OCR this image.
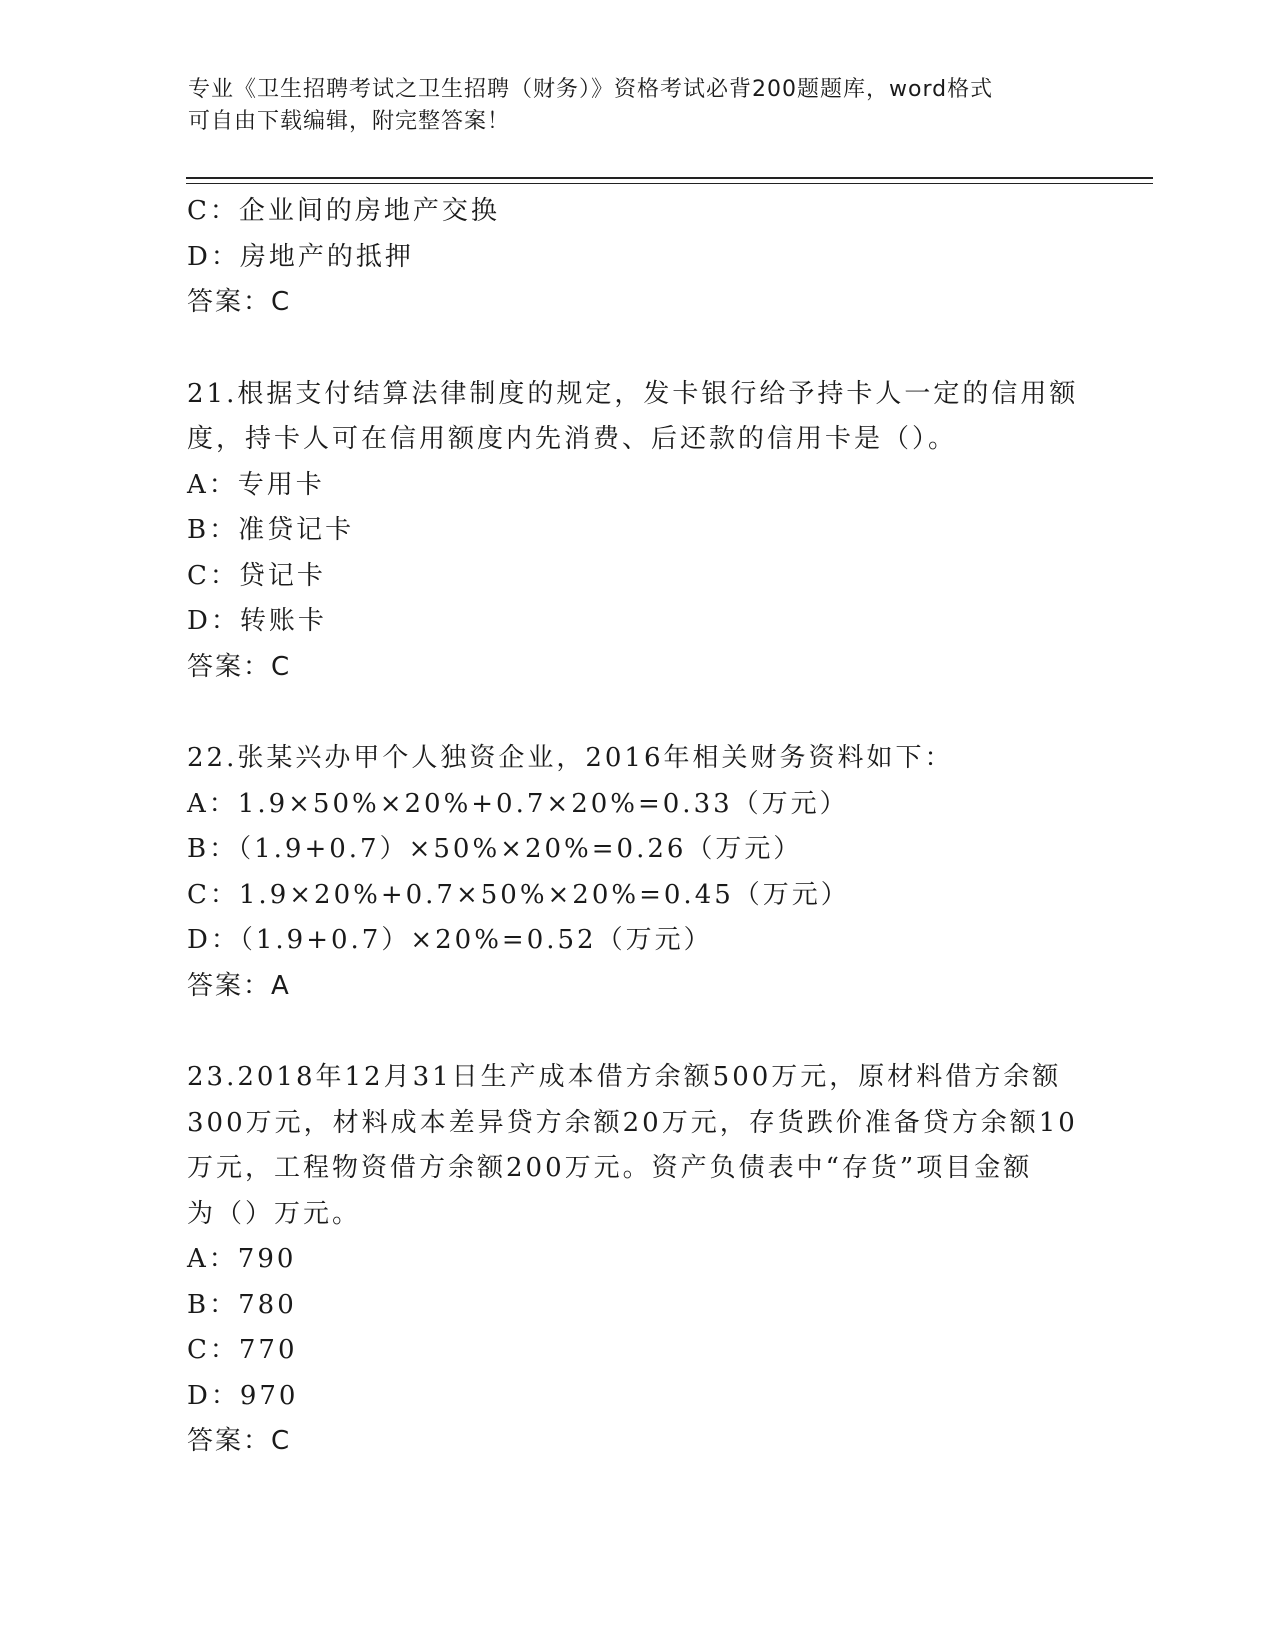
专业《卫生招聘考试之卫生招聘（财务）》资格考试必背200题题库，word格式
可自由下载编辑，附完整答案！
C：企业间的房地产交换
D：房地产的抵押
答案：C
21.根据支付结算法律制度的规定，发卡银行给予持卡人一定的信用额
度，持卡人可在信用额度内先消费、后还款的信用卡是（）。
A：专用卡
B：准贷记卡
C：贷记卡
D：转账卡
答案：C
22.张某兴办甲个人独资企业，2016年相关财务资料如下：
A：1.9×50%×20%+0.7×20%=0.33（万元）
B：（1.9+0.7）×50%×20%=0.26（万元）
C：1.9×20%+0.7×50%×20%=0.45（万元）
D：（1.9+0.7）×20%=0.52（万元）
答案：A
23.2018年12月31日生产成本借方余额500万元，原材料借方余额
300万元，材料成本差异贷方余额20万元，存货跌价准备贷方余额10
万元，工程物资借方余额200万元。资产负债表中“存货”项目金额
为（）万元。
A：790
B：780
C：770
D：970
答案：C
